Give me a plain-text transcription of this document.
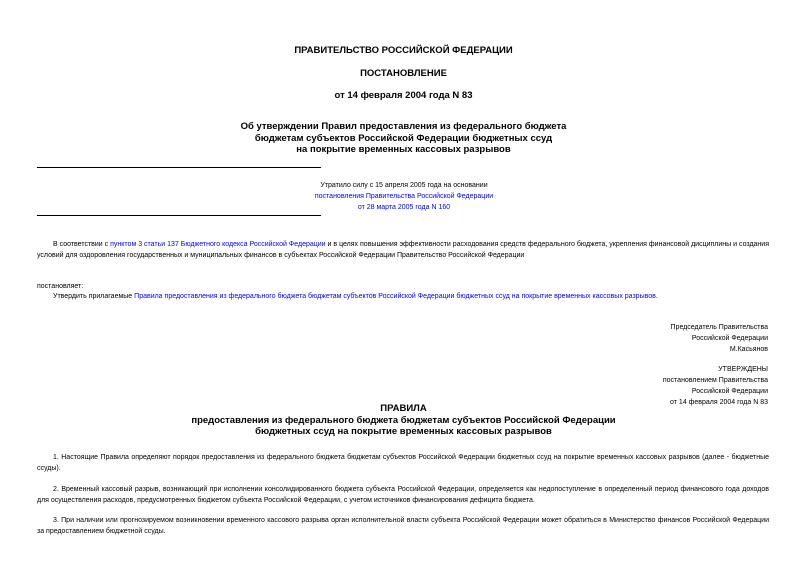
ПРАВИТЕЛЬСТВО РОССИЙСКОЙ ФЕДЕРАЦИИ
ПОСТАНОВЛЕНИЕ
от 14 февраля 2004 года N 83
Об утверждении Правил предоставления из федерального бюджета
бюджетам субъектов Российской Федерации бюджетных ссуд
на покрытие временных кассовых разрывов
Утратило силу с 15 апреля 2005 года на основании
постановления Правительства Российской Федерации
от 28 марта 2005 года N 160
В соответствии с пунктом 3 статьи 137 Бюджетного кодекса Российской Федерации и в целях повышения эффективности расходования средств федерального бюджета, укрепления финансовой дисциплины и создания условий для оздоровления государственных и муниципальных финансов в субъектах Российской Федерации Правительство Российской Федерации
постановляет:
Утвердить прилагаемые Правила предоставления из федерального бюджета бюджетам субъектов Российской Федерации бюджетных ссуд на покрытие временных кассовых разрывов.
Председатель Правительства
Российской Федерации
М.Касьянов
УТВЕРЖДЕНЫ
постановлением Правительства
Российской Федерации
от 14 февраля 2004 года N 83
ПРАВИЛА
предоставления из федерального бюджета бюджетам субъектов Российской Федерации
бюджетных ссуд на покрытие временных кассовых разрывов
1. Настоящие Правила определяют порядок предоставления из федерального бюджета бюджетам субъектов Российской Федерации бюджетных ссуд на покрытие временных кассовых разрывов (далее - бюджетные ссуды).
2. Временный кассовый разрыв, возникающий при исполнении консолидированного бюджета субъекта Российской Федерации, определяется как недопоступление в определенный период финансового года доходов для осуществления расходов, предусмотренных бюджетом субъекта Российской Федерации, с учетом источников финансирования дефицита бюджета.
3. При наличии или прогнозируемом возникновении временного кассового разрыва орган исполнительной власти субъекта Российской Федерации может обратиться в Министерство финансов Российской Федерации за предоставлением бюджетной ссуды.
